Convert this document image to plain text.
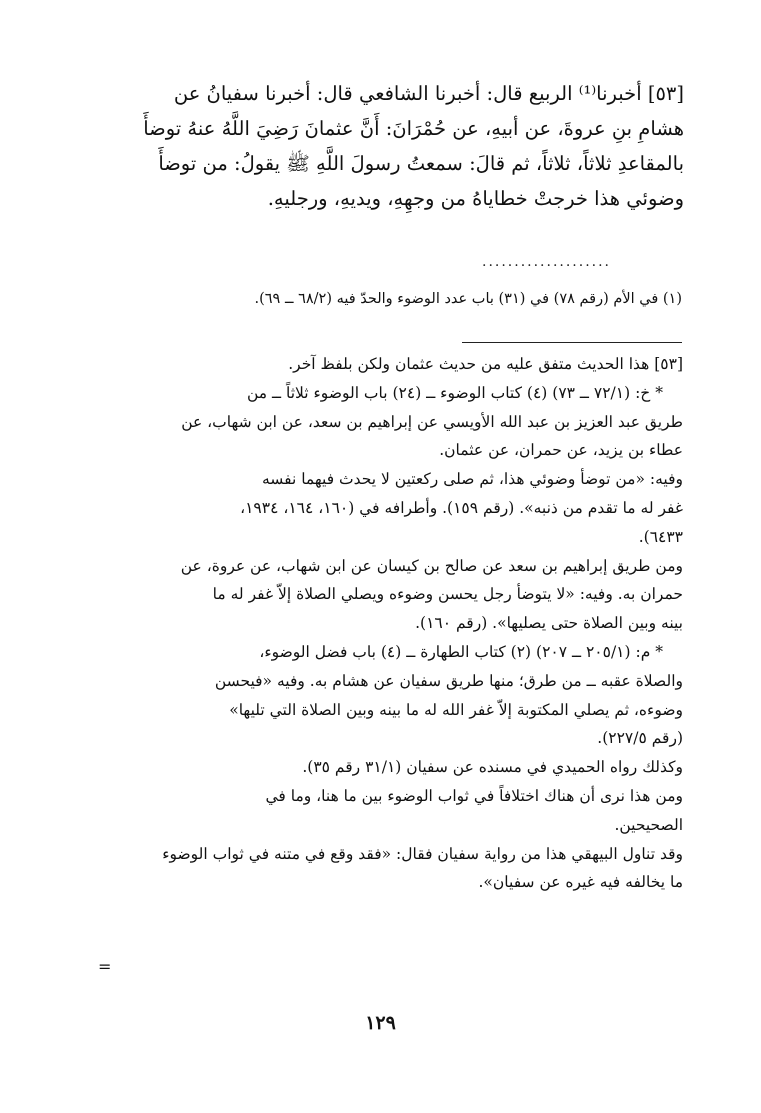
[٥٣] أخبرنا⁽¹⁾ الربيع قال: أخبرنا الشافعي قال: أخبرنا سفيانُ عن

هشامِ بنِ عروةَ، عن أبيهِ، عن حُمْرَانَ: أَنَّ عثمانَ رَضِيَ اللَّهُ عنهُ توضأَ

بالمقاعدِ ثلاثاً، ثلاثاً، ثم قالَ: سمعتُ رسولَ اللَّهِ ﷺ يقولُ: من توضأَ

وضوئي هذا خرجتْ خطاياهُ من وجهِهِ، ويديهِ، ورجليهِ.

....................
(١) في الأم (رقم ٧٨) في (٣١) باب عدد الوضوء والحدّ فيه (٦٨/٢ ــ ٦٩).

[٥٣] هذا الحديث متفق عليه من حديث عثمان ولكن بلفظ آخر.

* خ: (٧٢/١ ــ ٧٣) (٤) كتاب الوضوء ــ (٢٤) باب الوضوء ثلاثاً ــ من

طريق عبد العزيز بن عبد الله الأويسي عن إبراهيم بن سعد، عن ابن شهاب، عن

عطاء بن يزيد، عن حمران، عن عثمان.

وفيه: «من توضأ وضوئي هذا، ثم صلى ركعتين لا يحدث فيهما نفسه

غفر له ما تقدم من ذنبه». (رقم ١٥٩). وأطرافه في (١٦٠، ١٦٤، ١٩٣٤،

٦٤٣٣).

ومن طريق إبراهيم بن سعد عن صالح بن كيسان عن ابن شهاب، عن عروة، عن

حمران به. وفيه: «لا يتوضأ رجل يحسن وضوءه ويصلي الصلاة إلاّ غفر له ما

بينه وبين الصلاة حتى يصليها». (رقم ١٦٠).

* م: (٢٠٥/١ ــ ٢٠٧) (٢) كتاب الطهارة ــ (٤) باب فضل الوضوء،

والصلاة عقبه ــ من طرق؛ منها طريق سفيان عن هشام به. وفيه «فيحسن

وضوءه، ثم يصلي المكتوبة إلاّ غفر الله له ما بينه وبين الصلاة التي تليها»

(رقم ٢٢٧/٥).

وكذلك رواه الحميدي في مسنده عن سفيان (٣١/١ رقم ٣٥).

ومن هذا نرى أن هناك اختلافاً في ثواب الوضوء بين ما هنا، وما في

الصحيحين.

وقد تناول البيهقي هذا من رواية سفيان فقال: «فقد وقع في متنه في ثواب الوضوء

ما يخالفه فيه غيره عن سفيان».

=
١٢٩
